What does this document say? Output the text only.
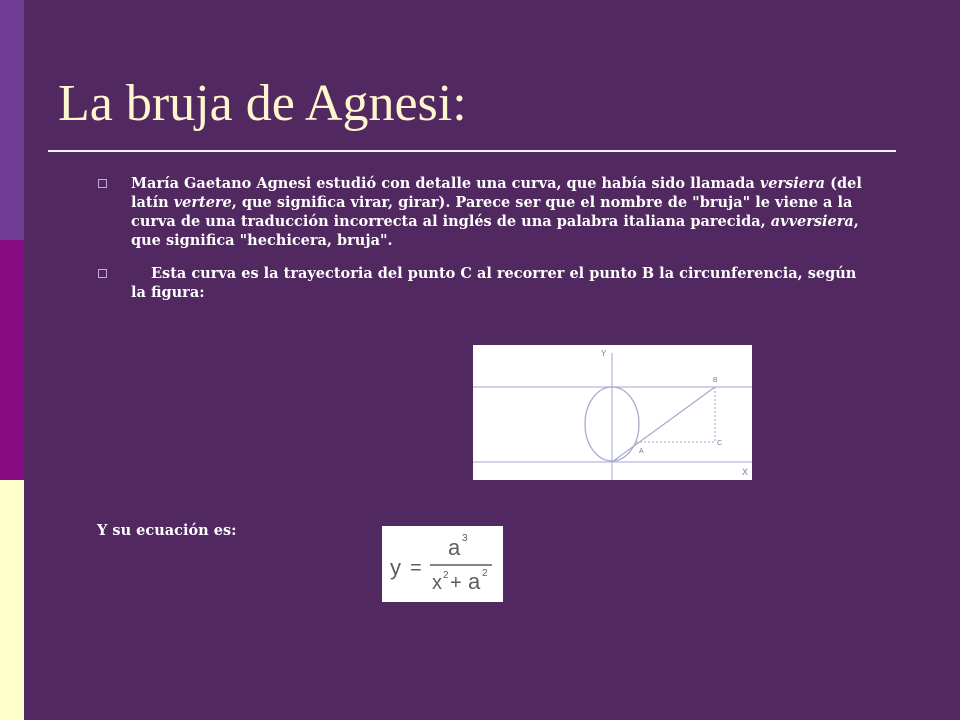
La bruja de Agnesi:
María Gaetano Agnesi estudió con detalle una curva, que había sido llamada versiera (del latín vertere, que significa virar, girar). Parece ser que el nombre de "bruja" le viene a la curva de una traducción incorrecta al inglés de una palabra italiana parecida, avversiera, que significa "hechicera, bruja".
Esta curva es la trayectoria del punto C al recorrer el punto B la circunferencia, según la figura:
Y
X
A
B
C
Y su ecuación es:
y =
a 3
x 2 + a 2
